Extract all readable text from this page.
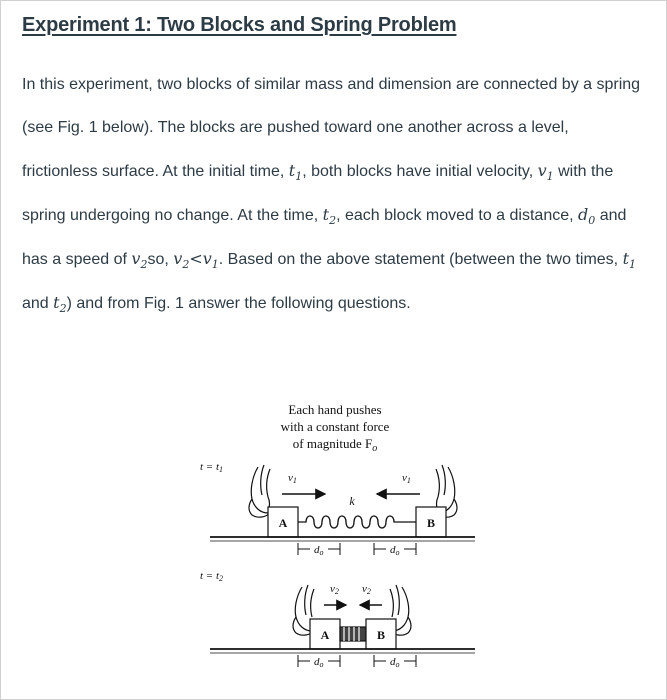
Experiment 1: Two Blocks and Spring Problem
In this experiment, two blocks of similar mass and dimension are connected by a spring (see Fig. 1 below). The blocks are pushed toward one another across a level, frictionless surface. At the initial time, $t_1$, both blocks have initial velocity, $v_1$ with the spring undergoing no change. At the time, $t_2$, each block moved to a distance, $d_0$ and has a speed of $v_2so$, $v_2<v_1$. Based on the above statement (between the two times, $t_1$ and $t_2$) and from Fig. 1 answer the following questions.
Each hand pushes
with a constant force
of magnitude $F_o$
t = t1
v1	v1
k
A	B
do	do
t = t2
v2 v2
A	B
do	do
